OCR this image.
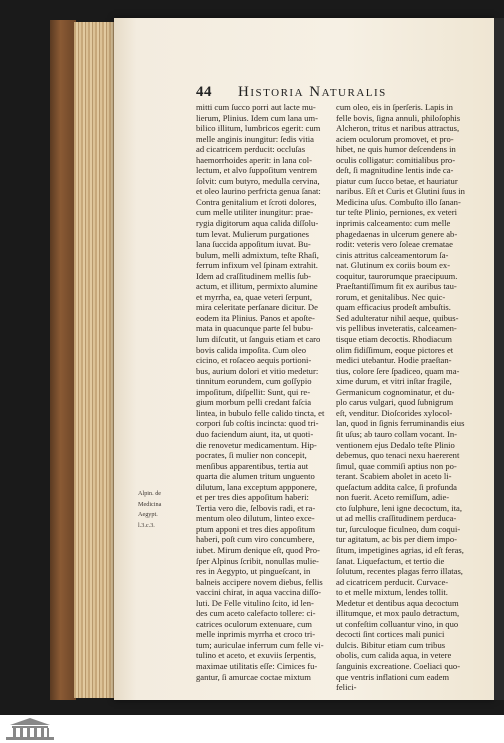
44 Historia Naturalis
Alpin. de
Medicina
Aegypt.
l.3.c.3.
mitti cum ſucco porri aut lacte mu-
lierum, Plinius. Idem cum lana um-
bilico illitum, lumbricos egerit: cum
melle anginis inungitur: ſedis vitia
ad cicatricem perducit: occluſas
haemorrhoides aperit: in lana col-
lectum, et alvo ſuppoſitum ventrem
ſolvit: cum butyro, medulla cervina,
et oleo laurino perfricta genua ſanat:
Contra genitalium et ſcroti dolores,
cum melle utiliter inungitur: prae-
rygia digitorum aqua calida diſſolu-
tum levat. Mulierum purgationes
lana ſuccida appoſitum iuvat. Bu-
bulum, melli admixtum, teſte Rhaſi,
ferrum infixum vel ſpinam extrahit.
Idem ad craſſitudinem mellis ſub-
actum, et illitum, permixto alumine
et myrrha, ea, quae veteri ſerpunt,
mira celeritate perſanare dicitur. De
eodem ita Plinius. Panos et apoſte-
mata in quacunque parte ſel bubu-
lum diſcutit, ut ſanguis etiam et caro
bovis calida impoſita. Cum oleo
cicino, et roſaceo aequis portioni-
bus, aurium dolori et vitio medetur:
tinnitum eorundem, cum goſſypio
impoſitum, diſpellit: Sunt, qui re-
gium morbum pelli credant faſcia
lintea, in bubulo felle calido tincta, et
corpori ſub coſtis incincta: quod tri-
duo faciendum aiunt, ita, ut quoti-
die renovetur medicamentum. Hip-
pocrates, ſi mulier non concepit,
menſibus apparentibus, tertia aut
quarta die alumen tritum unguento
dilutum, lana exceptum appponere,
et per tres dies appoſitum haberi:
Tertia vero die, ſelbovis radi, et ra-
mentum oleo dilutum, linteo exce-
ptum apponi et tres dies appoſitum
haberi, poſt cum viro concumbere,
iubet. Mirum denique eſt, quod Pro-
ſper Alpinus ſcribit, nonullas mulie-
res in Aegypto, ut pingueſcant, in
balneis accipere novem diebus, fellis
vaccini chirat, in aqua vaccina diſſo-
luti. De Felle vitulino ſcito, id len-
des cum aceto calefacto tollere: ci-
catrices oculorum extenuare, cum
melle inprimis myrrha et croco tri-
tum; auriculae inferrum cum felle vi-
tulino et aceto, et exuviis ſerpentis,
maximae utilitatis eſſe: Cimices fu-
gantur, ſi amurcae coctae mixtum
cum oleo, eis in ſperſeris. Lapis in
felle bovis, ſigna annuli, philoſophis
Alcheron, tritus et naribus attractus,
aciem oculorum promovet, et pro-
hibet, ne quis humor deſcendens in
oculis colligatur: comitialibus pro-
deſt, ſi magnitudine lentis inde ca-
piatur cum ſucco betae, et hauriatur
naribus. Eſt et Curis et Glutini ſuus in
Medicina uſus. Combuſto illo ſanan-
tur teſte Plinio, perniones, ex veteri
inprimis calceamento: cum melle
phagedaenas in ulcerum genere ab-
rodit: veteris vero ſoleae crematae
cinis attritus calceamentorum ſa-
nat. Glutinum ex coriis boum ex-
coquitur, taurorumque praecipuum.
Praeſtantiſſimum fit ex auribus tau-
rorum, et genitalibus. Nec quic-
quam efficacius prodeſt ambuſtis.
Sed adulteratur nihil aeque, quibus-
vis pellibus inveteratis, calceamen-
tisque etiam decoctis. Rhodiacum
olim fidiſſimum, eoque pictores et
medici utebantur. Hodie praeſtan-
tius, colore ſere ſpadiceo, quam ma-
xime durum, et vitri inſtar fragile,
Germanicum cognominatur, et du-
plo carus vulgari, quod ſubnigrum
eſt, venditur. Dioſcorides xylocol-
lan, quod in ſignis ferruminandis eius
ſit uſus; ab tauro collam vocant. In-
ventionem ejus Dedalo teſte Plinio
debemus, quo tenaci nexu haererent
ſimul, quae commiſi aptius non po-
terant. Scabiem abolet in aceto li-
queſactum addita calce, ſi profunda
non fuerit. Aceto remiſſum, adie-
cto ſulphure, leni igne decoctum, ita,
ut ad mellis craſſitudinem perduca-
tur, ſurculoque ficulneo, dum coqui-
tur agitatum, ac bis per diem impo-
ſitum, impetigines agrias, id eſt feras,
ſanat. Liquefactum, et tertio die
ſolutum, recentes plagas ferro illatas,
ad cicatricem perducit. Curvace-
to et melle mixtum, lendes tollit.
Medetur et dentibus aqua decoctum
illitumque, et mox paulo detractum,
ut confeſtim colluantur vino, in quo
decocti ſint cortices mali punici
dulcis. Bibitur etiam cum tribus
obolis, cum calida aqua, in vetere
ſanguinis excreatione. Coeliaci quo-
que ventris inflationi cum eadem
felici-
